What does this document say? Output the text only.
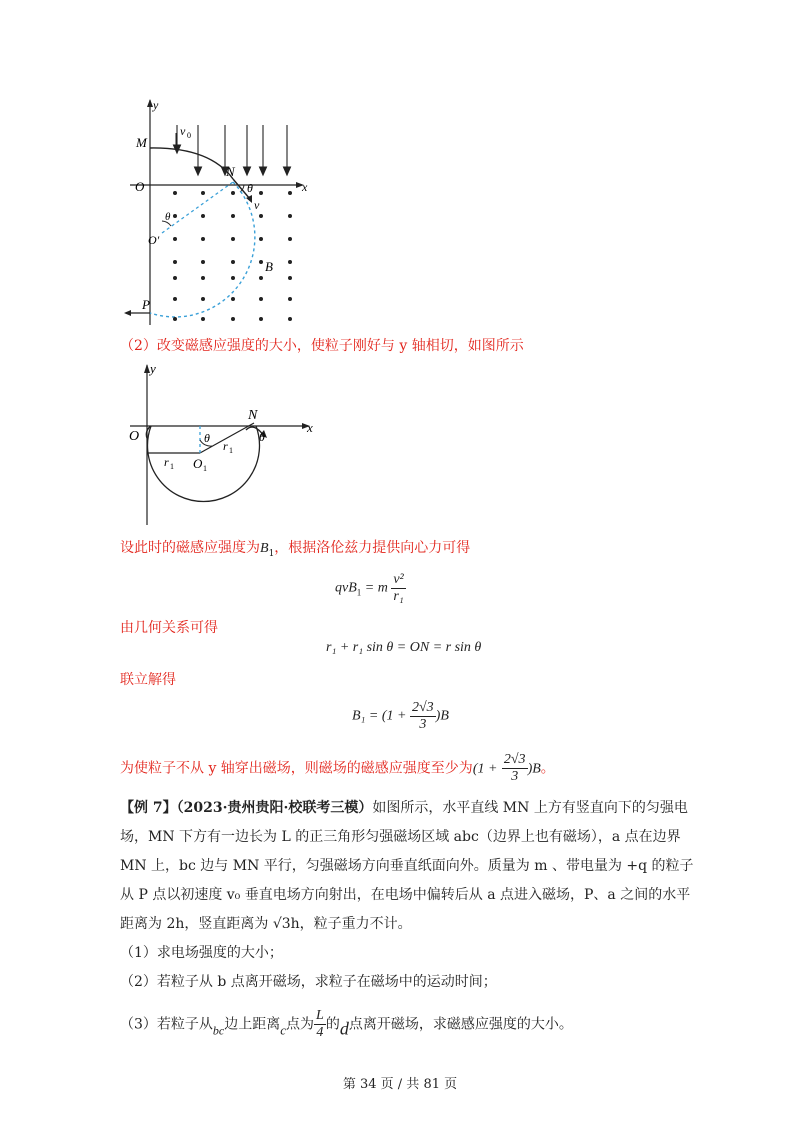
y
M
v 0
N
θ
v
x
O
O′
θ
B
P
（2）改变磁感应强度的大小，使粒子刚好与 y 轴相切，如图所示
O
y
x
N
θ	θ
r 1
r 1
O 1
设此时的磁感应强度为$B_1$，根据洛伦兹力提供向心力可得
qvB$_1$ = m $\frac{\text{v²}}{\text{r₁}}$
由几何关系可得
r₁ + r₁ sin θ = ON = r sin θ
联立解得
$B_1 = (1 + \frac{2√3}{3} )B$
为使粒子不从 y 轴穿出磁场，则磁场的磁感应强度至少为$(1 + \frac{2√3}{3} )B$。
【例 7】（2023·贵州贵阳·校联考三模）如图所示，水平直线 MN 上方有竖直向下的匀强电
场，MN 下方有一边长为 L 的正三角形匀强磁场区域 abc（边界上也有磁场），a 点在边界
MN 上，bc 边与 MN 平行，匀强磁场方向垂直纸面向外。质量为 m 、带电量为 +q 的粒子
从 P 点以初速度 v₀ 垂直电场方向射出，在电场中偏转后从 a 点进入磁场，P、a 之间的水平
距离为 2h，竖直距离为 √3h，粒子重力不计。
（1）求电场强度的大小；
（2）若粒子从 b 点离开磁场，求粒子在磁场中的运动时间；
（3）若粒子从bc边上距离c点为 $\frac{L}{4}$ 的d点离开磁场，求磁感应强度的大小。
第 34 页 / 共 81 页
